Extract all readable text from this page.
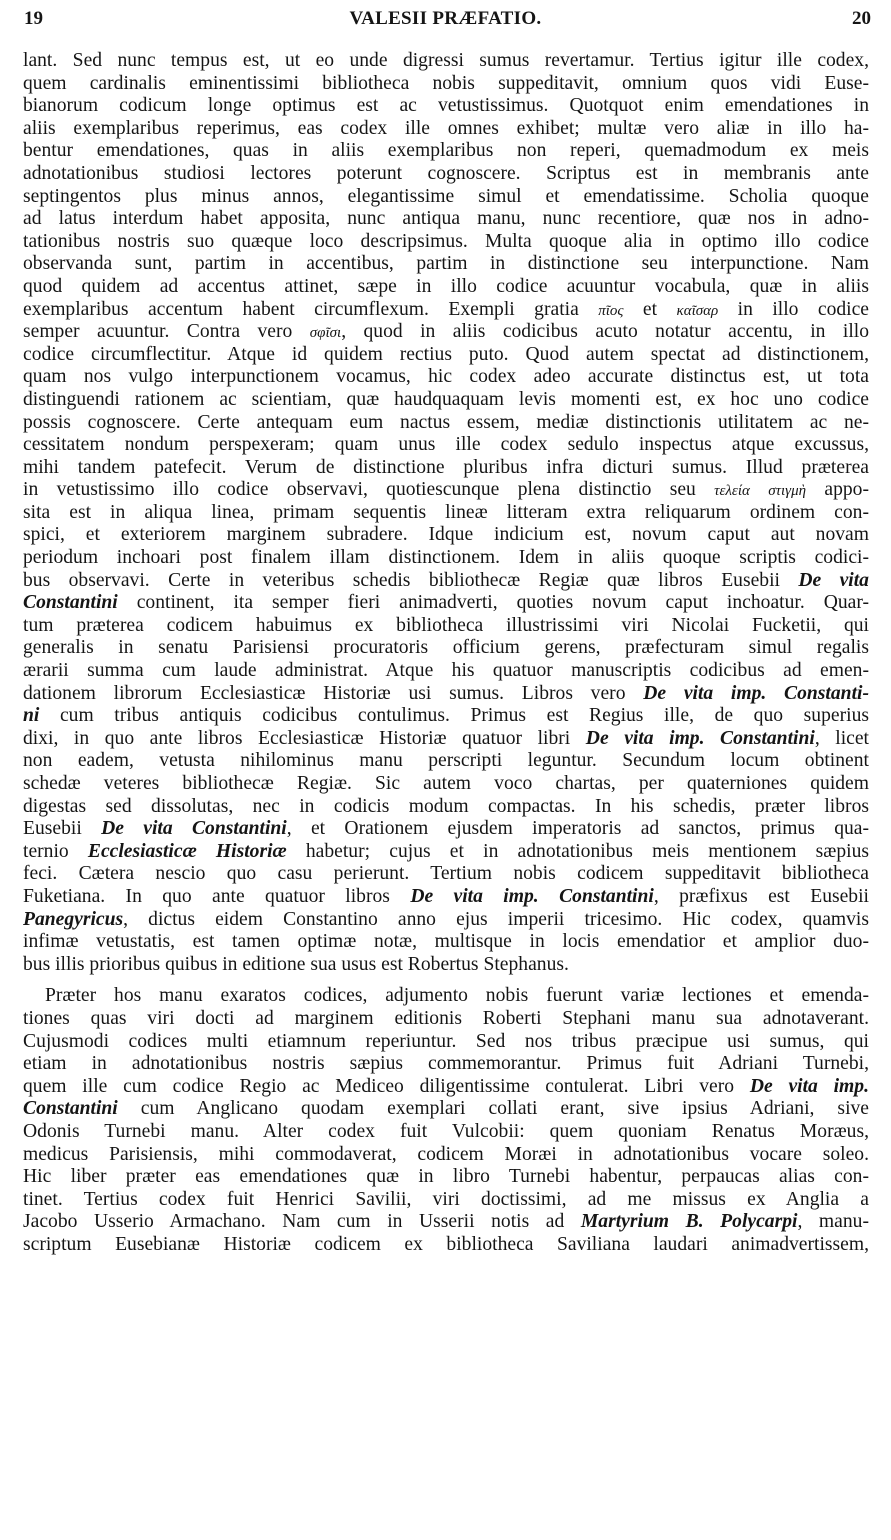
19	VALESII PRÆFATIO.	20
lant. Sed nunc tempus est, ut eo unde digressi sumus revertamur. Tertius igitur ille codex,
quem cardinalis eminentissimi bibliotheca nobis suppeditavit, omnium quos vidi Euse-
bianorum codicum longe optimus est ac vetustissimus. Quotquot enim emendationes in
aliis exemplaribus reperimus, eas codex ille omnes exhibet; multæ vero aliæ in illo ha-
bentur emendationes, quas in aliis exemplaribus non reperi, quemadmodum ex meis
adnotationibus studiosi lectores poterunt cognoscere. Scriptus est in membranis ante
septingentos plus minus annos, elegantissime simul et emendatissime. Scholia quoque
ad latus interdum habet apposita, nunc antiqua manu, nunc recentiore, quæ nos in adno-
tationibus nostris suo quæque loco descripsimus. Multa quoque alia in optimo illo codice
observanda sunt, partim in accentibus, partim in distinctione seu interpunctione. Nam
quod quidem ad accentus attinet, sæpe in illo codice acuuntur vocabula, quæ in aliis
exemplaribus accentum habent circumflexum. Exempli gratia πῖος et καῖσαρ in illo codice
semper acuuntur. Contra vero σφῖσι, quod in aliis codicibus acuto notatur accentu, in illo
codice circumflectitur. Atque id quidem rectius puto. Quod autem spectat ad distinctionem,
quam nos vulgo interpunctionem vocamus, hic codex adeo accurate distinctus est, ut tota
distinguendi rationem ac scientiam, quæ haudquaquam levis momenti est, ex hoc uno codice
possis cognoscere. Certe antequam eum nactus essem, mediæ distinctionis utilitatem ac ne-
cessitatem nondum perspexeram; quam unus ille codex sedulo inspectus atque excussus,
mihi tandem patefecit. Verum de distinctione pluribus infra dicturi sumus. Illud præterea
in vetustissimo illo codice observavi, quotiescunque plena distinctio seu τελεία στιγμὴ appo-
sita est in aliqua linea, primam sequentis lineæ litteram extra reliquarum ordinem con-
spici, et exteriorem marginem subradere. Idque indicium est, novum caput aut novam
periodum inchoari post finalem illam distinctionem. Idem in aliis quoque scriptis codici-
bus observavi. Certe in veteribus schedis bibliothecæ Regiæ quæ libros Eusebii De vita
Constantini continent, ita semper fieri animadverti, quoties novum caput inchoatur. Quar-
tum præterea codicem habuimus ex bibliotheca illustrissimi viri Nicolai Fucketii, qui
generalis in senatu Parisiensi procuratoris officium gerens, præfecturam simul regalis
ærarii summa cum laude administrat. Atque his quatuor manuscriptis codicibus ad emen-
dationem librorum Ecclesiasticæ Historiæ usi sumus. Libros vero De vita imp. Constanti-
ni cum tribus antiquis codicibus contulimus. Primus est Regius ille, de quo superius
dixi, in quo ante libros Ecclesiasticæ Historiæ quatuor libri De vita imp. Constantini, licet
non eadem, vetusta nihilominus manu perscripti leguntur. Secundum locum obtinent
schedæ veteres bibliothecæ Regiæ. Sic autem voco chartas, per quaterniones quidem
digestas sed dissolutas, nec in codicis modum compactas. In his schedis, præter libros
Eusebii De vita Constantini, et Orationem ejusdem imperatoris ad sanctos, primus qua-
ternio Ecclesiasticæ Historiæ habetur; cujus et in adnotationibus meis mentionem sæpius
feci. Cætera nescio quo casu perierunt. Tertium nobis codicem suppeditavit bibliotheca
Fuketiana. In quo ante quatuor libros De vita imp. Constantini, præfixus est Eusebii
Panegyricus, dictus eidem Constantino anno ejus imperii tricesimo. Hic codex, quamvis
infimæ vetustatis, est tamen optimæ notæ, multisque in locis emendatior et amplior duo-
bus illis prioribus quibus in editione sua usus est Robertus Stephanus.
Præter hos manu exaratos codices, adjumento nobis fuerunt variæ lectiones et emenda-
tiones quas viri docti ad marginem editionis Roberti Stephani manu sua adnotaverant.
Cujusmodi codices multi etiamnum reperiuntur. Sed nos tribus præcipue usi sumus, qui
etiam in adnotationibus nostris sæpius commemorantur. Primus fuit Adriani Turnebi,
quem ille cum codice Regio ac Mediceo diligentissime contulerat. Libri vero De vita imp.
Constantini cum Anglicano quodam exemplari collati erant, sive ipsius Adriani, sive
Odonis Turnebi manu. Alter codex fuit Vulcobii: quem quoniam Renatus Moræus,
medicus Parisiensis, mihi commodaverat, codicem Moræi in adnotationibus vocare soleo.
Hic liber præter eas emendationes quæ in libro Turnebi habentur, perpaucas alias con-
tinet. Tertius codex fuit Henrici Savilii, viri doctissimi, ad me missus ex Anglia a
Jacobo Usserio Armachano. Nam cum in Usserii notis ad Martyrium B. Polycarpi, manu-
scriptum Eusebianæ Historiæ codicem ex bibliotheca Saviliana laudari animadvertissem,
